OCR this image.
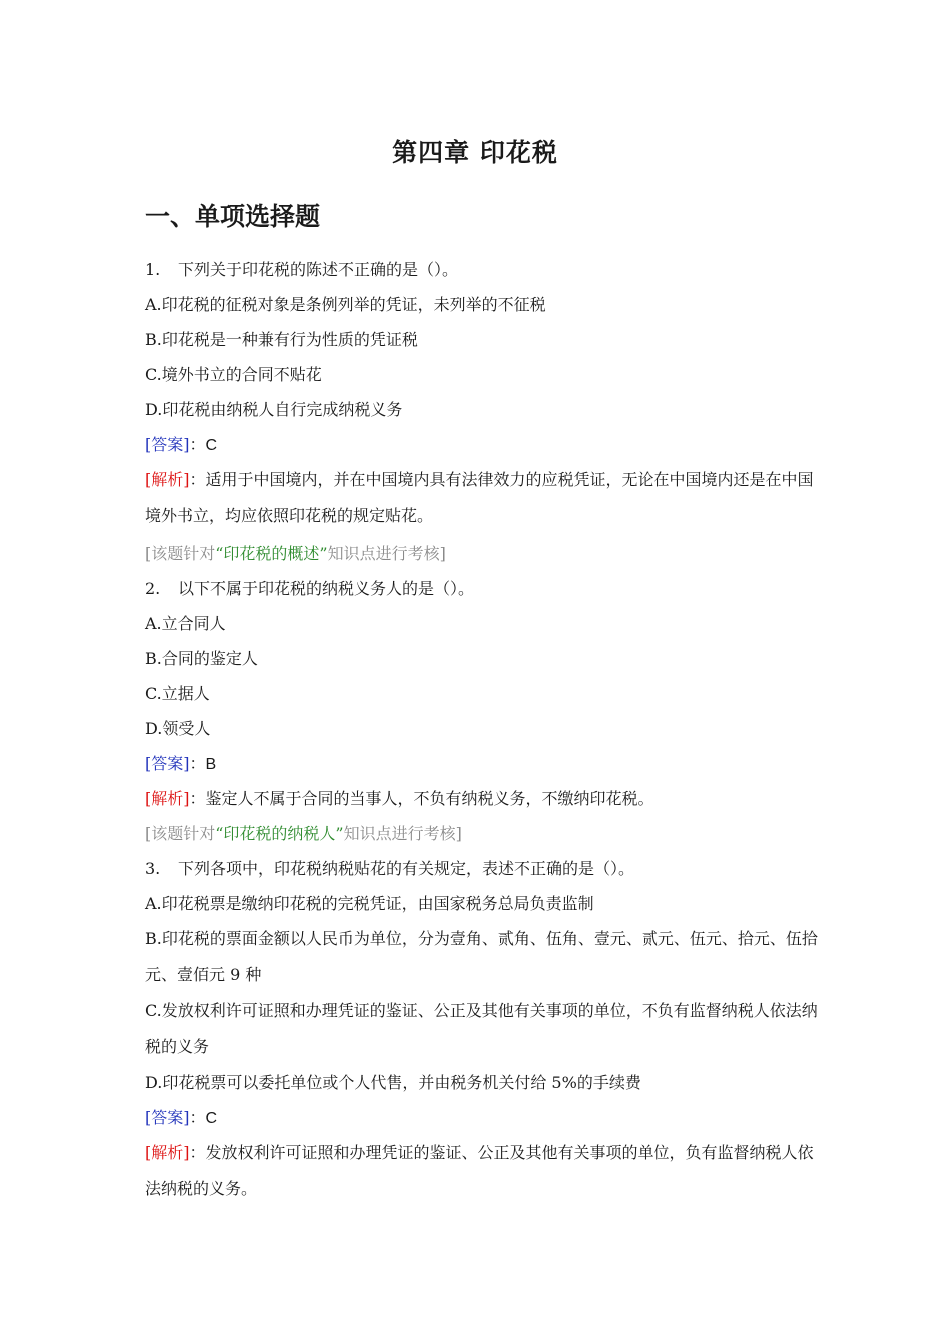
第四章 印花税
一、单项选择题
1. 下列关于印花税的陈述不正确的是（）。
A.印花税的征税对象是条例列举的凭证，未列举的不征税
B.印花税是一种兼有行为性质的凭证税
C.境外书立的合同不贴花
D.印花税由纳税人自行完成纳税义务
[答案]：C
[解析]：适用于中国境内，并在中国境内具有法律效力的应税凭证，无论在中国境内还是在中国境外书立，均应依照印花税的规定贴花。
[该题针对“印花税的概述”知识点进行考核]
2. 以下不属于印花税的纳税义务人的是（）。
A.立合同人
B.合同的鉴定人
C.立据人
D.领受人
[答案]：B
[解析]：鉴定人不属于合同的当事人，不负有纳税义务，不缴纳印花税。
[该题针对“印花税的纳税人”知识点进行考核]
3. 下列各项中，印花税纳税贴花的有关规定，表述不正确的是（）。
A.印花税票是缴纳印花税的完税凭证，由国家税务总局负责监制
B.印花税的票面金额以人民币为单位，分为壹角、贰角、伍角、壹元、贰元、伍元、拾元、伍拾元、壹佰元 9 种
C.发放权利许可证照和办理凭证的鉴证、公正及其他有关事项的单位，不负有监督纳税人依法纳税的义务
D.印花税票可以委托单位或个人代售，并由税务机关付给 5%的手续费
[答案]：C
[解析]：发放权利许可证照和办理凭证的鉴证、公正及其他有关事项的单位，负有监督纳税人依法纳税的义务。
